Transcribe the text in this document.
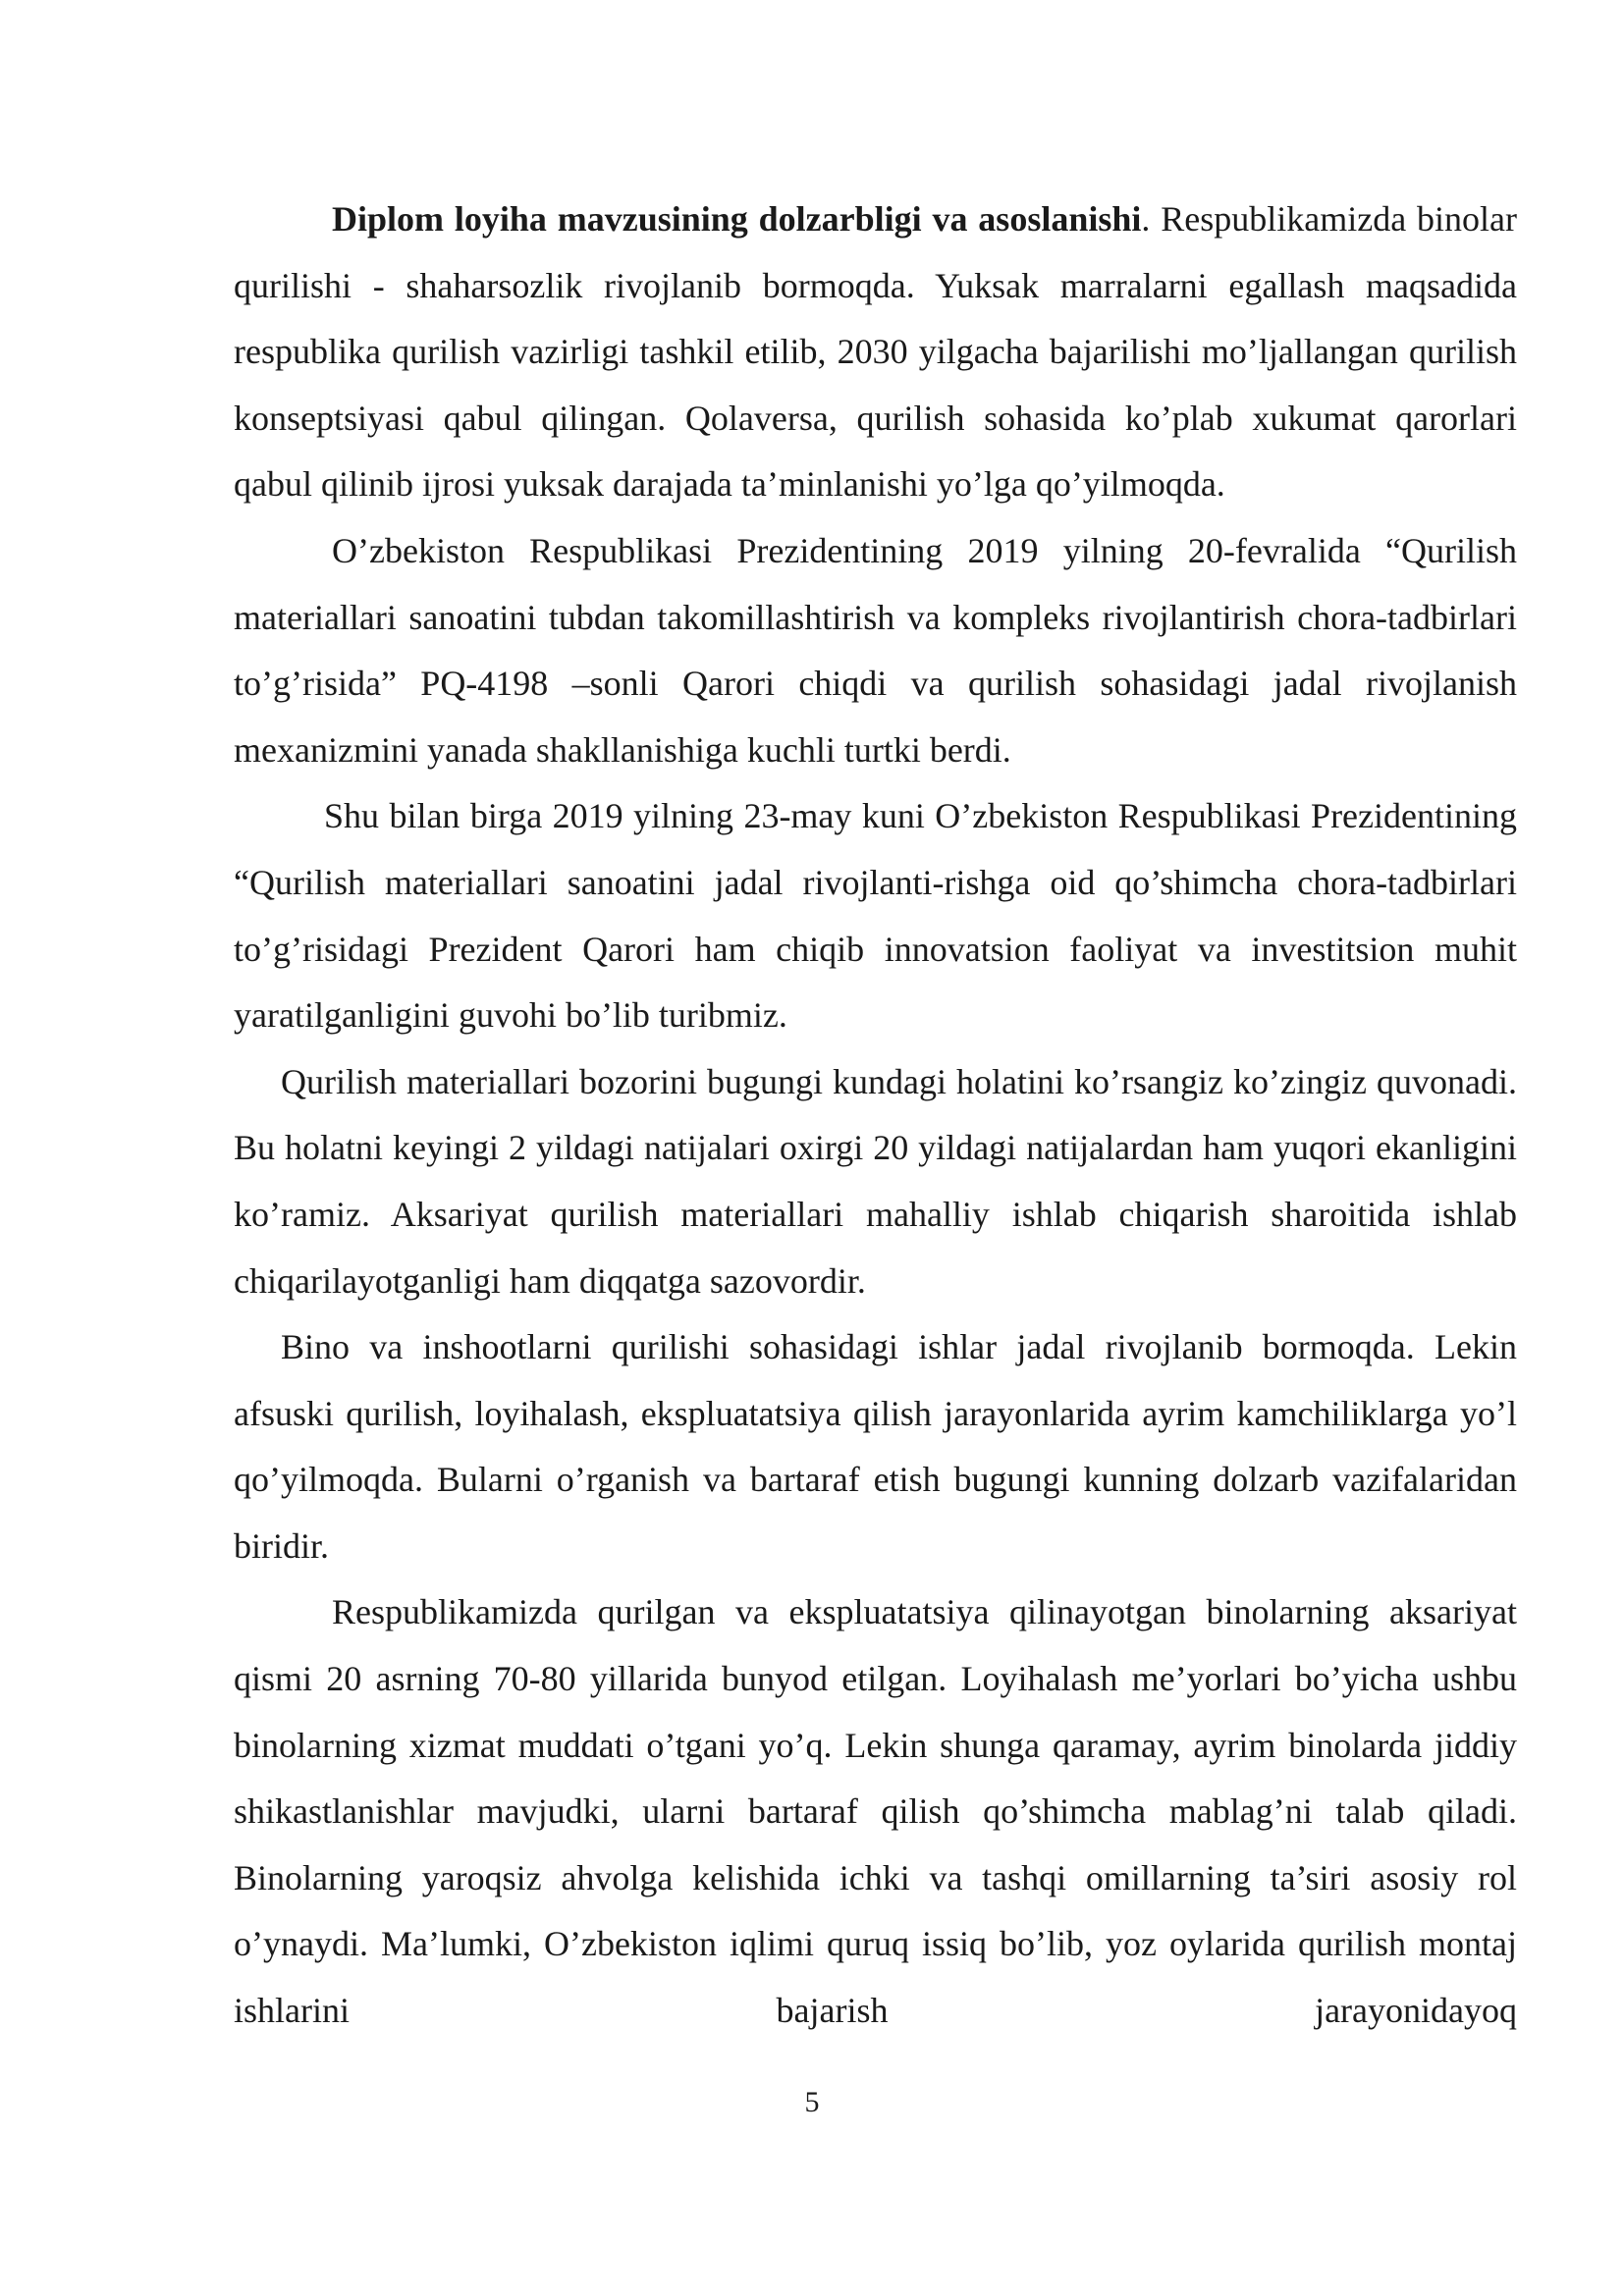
Diplom loyiha mavzusining dolzarbligi va asoslanishi. Respublikamizda binolar qurilishi - shaharsozlik rivojlanib bormoqda. Yuksak marralarni egallash maqsadida respublika qurilish vazirligi tashkil etilib, 2030 yilgacha bajarilishi mo’ljallangan qurilish konseptsiyasi qabul qilingan. Qolaversa, qurilish sohasida ko’plab xukumat qarorlari qabul qilinib ijrosi yuksak darajada ta’minlanishi yo’lga qo’yilmoqda.

O’zbekiston Respublikasi Prezidentining 2019 yilning 20-fevralida “Qurilish materiallari sanoatini tubdan takomillashtirish va kompleks rivojlantirish chora-tadbirlari to’g’risida” PQ-4198 –sonli Qarori chiqdi va qurilish sohasidagi jadal rivojlanish mexanizmini yanada shakllanishiga kuchli turtki berdi.

Shu bilan birga 2019 yilning 23-may kuni O’zbekiston Respublikasi Prezidentining “Qurilish materiallari sanoatini jadal rivojlanti-rishga oid qo’shimcha chora-tadbirlari to’g’risidagi Prezident Qarori ham chiqib innovatsion faoliyat va investitsion muhit yaratilganligini guvohi bo’lib turibmiz.

Qurilish materiallari bozorini bugungi kundagi holatini ko’rsangiz ko’zingiz quvonadi. Bu holatni keyingi 2 yildagi natijalari oxirgi 20 yildagi natijalardan ham yuqori ekanligini ko’ramiz. Aksariyat qurilish materiallari mahalliy ishlab chiqarish sharoitida ishlab chiqarilayotganligi ham diqqatga sazovordir.

Bino va inshootlarni qurilishi sohasidagi ishlar jadal rivojlanib bormoqda. Lekin afsuski qurilish, loyihalash, ekspluatatsiya qilish jarayonlarida ayrim kamchiliklarga yo’l qo’yilmoqda. Bularni o’rganish va bartaraf etish bugungi kunning dolzarb vazifalaridan biridir.

Respublikamizda qurilgan va ekspluatatsiya qilinayotgan binolarning aksariyat qismi 20 asrning 70-80 yillarida bunyod etilgan. Loyihalash me’yorlari bo’yicha ushbu binolarning xizmat muddati o’tgani yo’q. Lekin shunga qaramay, ayrim binolarda jiddiy shikastlanishlar mavjudki, ularni bartaraf qilish qo’shimcha mablag’ni talab qiladi. Binolarning yaroqsiz ahvolga kelishida ichki va tashqi omillarning ta’siri asosiy rol o’ynaydi. Ma’lumki, O’zbekiston iqlimi quruq issiq bo’lib, yoz oylarida qurilish montaj ishlarini bajarish jarayonidayoq

5
